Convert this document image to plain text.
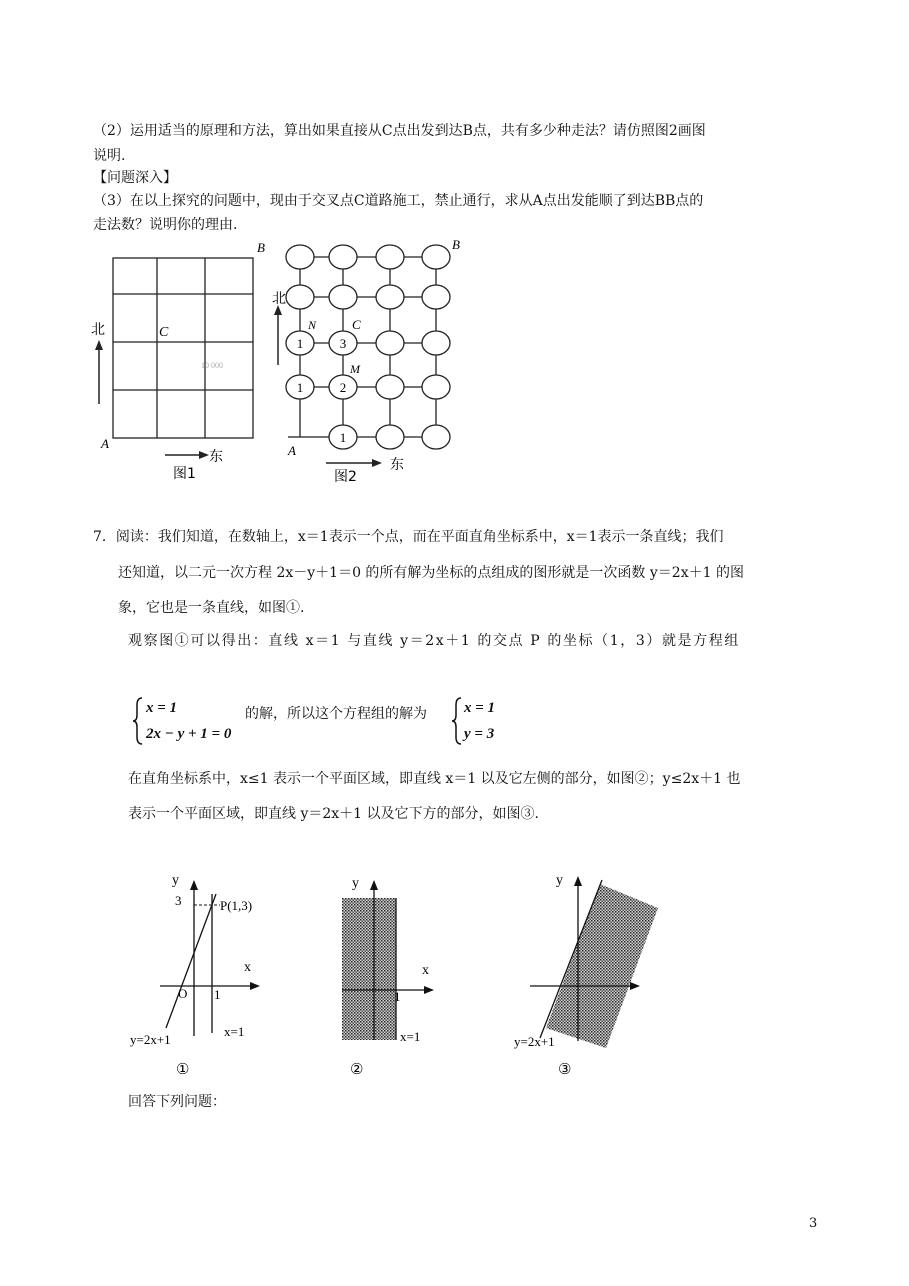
（2）运用适当的原理和方法，算出如果直接从C点出发到达B点，共有多少种走法？请仿照图2画图
说明.
【问题深入】
（3）在以上探究的问题中，现由于交叉点C道路施工，禁止通行，求从A点出发能顺了到达BB点的
走法数？说明你的理由.
10 000
A
B
C
北
东
图1
1	3
1	2
1
A
B
C
N
M
北
东
图2
7．阅读：我们知道，在数轴上，x＝1表示一个点，而在平面直角坐标系中，x＝1表示一条直线；我们
还知道，以二元一次方程 2x－y＋1＝0 的所有解为坐标的点组成的图形就是一次函数 y＝2x＋1 的图
象，它也是一条直线，如图①.
观察图①可以得出：直线 x＝1 与直线 y＝2x＋1 的交点 P 的坐标（1，3）就是方程组
x = 1
2x − y + 1 = 0
的解，所以这个方程组的解为 x = 1
y = 3
在直角坐标系中，x≤1 表示一个平面区域，即直线 x＝1 以及它左侧的部分，如图②；y≤2x＋1 也
表示一个平面区域，即直线 y＝2x＋1 以及它下方的部分，如图③.
y
x
3	P(1,3)
O 1
y=2x+1
x=1
①
y
x
1
x=1
②
y
y=2x+1
③
回答下列问题：
3
